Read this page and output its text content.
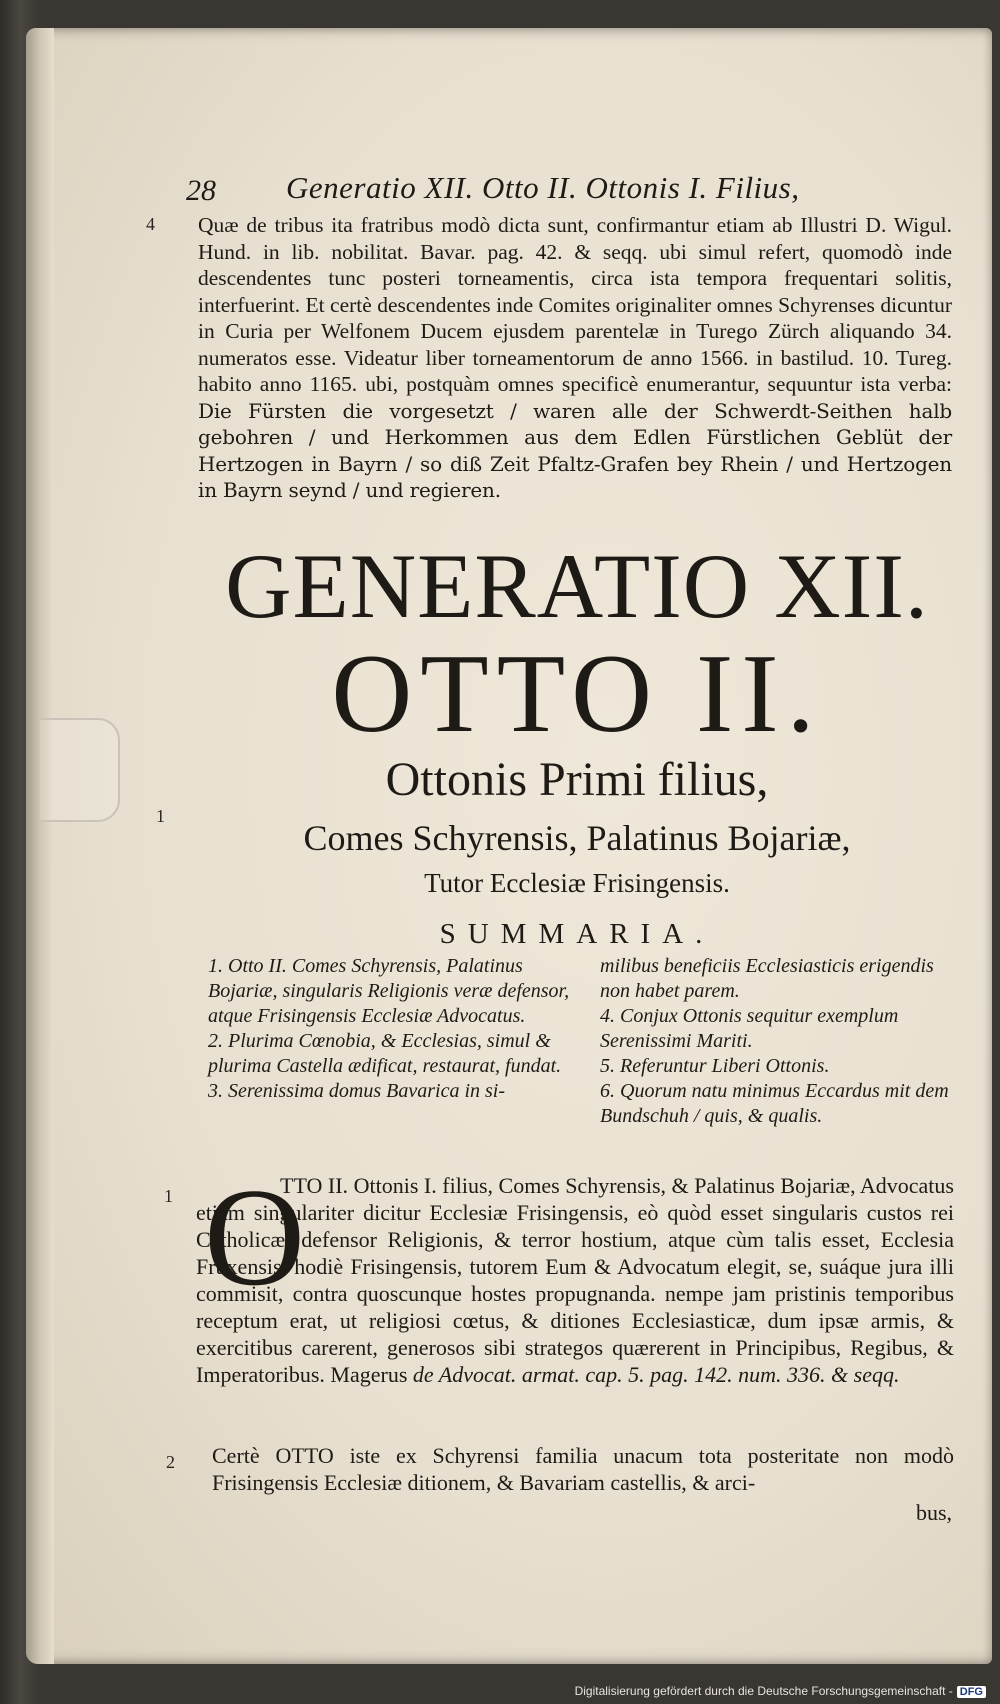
28 Generatio XII. Otto II. Ottonis I. Filius,
4
1
1
2
Quæ de tribus ita fratribus modò dicta sunt, confirmantur etiam ab Illustri D. Wigul. Hund. in lib. nobilitat. Bavar. pag. 42. & seqq. ubi simul refert, quomodò inde descendentes tunc posteri torneamentis, circa ista tempora frequentari solitis, interfuerint. Et certè descendentes inde Comites originaliter omnes Schyrenses dicuntur in Curia per Welfonem Ducem ejusdem parentelæ in Turego Zürch aliquando 34. numeratos esse. Videatur liber torneamentorum de anno 1566. in bastilud. 10. Tureg. habito anno 1165. ubi, postquàm omnes specificè enumerantur, sequuntur ista verba: Die Fürsten die vorgesetzt / waren alle der Schwerdt-Seithen halb gebohren / und Herkommen aus dem Edlen Fürstlichen Geblüt der Hertzogen in Bayrn / so diß Zeit Pfaltz-Grafen bey Rhein / und Hertzogen in Bayrn seynd / und regieren.
GENERATIO XII.
OTTO II.
Ottonis Primi filius,
Comes Schyrensis, Palatinus Bojariæ,
Tutor Ecclesiæ Frisingensis.
SUMMARIA.

1. Otto II. Comes Schyrensis, Palatinus Bojariæ, singularis Religionis veræ defensor, atque Frisingensis Ecclesiæ Advocatus.

2. Plurima Cœnobia, & Ecclesias, simul & plurima Castella ædificat, restaurat, fundat.

3. Serenissima domus Bavarica in si-

milibus beneficiis Ecclesiasticis erigendis non habet parem.

4. Conjux Ottonis sequitur exemplum Serenissimi Mariti.

5. Referuntur Liberi Ottonis.

6. Quorum natu minimus Eccardus mit dem Bundschuh / quis, & qualis.

O
TTO II. Ottonis I. filius, Comes Schyrensis, & Palatinus Bojariæ, Advocatus etiam singulariter dicitur Ecclesiæ Frisingensis, eò quòd esset singularis custos rei Catholicæ, defensor Religionis, & terror hostium, atque cùm talis esset, Ecclesia Fruxensis, hodiè Frisingensis, tutorem Eum & Advocatum elegit, se, suáque jura illi commisit, contra quoscunque hostes propugnanda. nempe jam pristinis temporibus receptum erat, ut religiosi cœtus, & ditiones Ecclesiasticæ, dum ipsæ armis, & exercitibus carerent, generosos sibi strategos quærerent in Principibus, Regibus, & Imperatoribus. Magerus de Advocat. armat. cap. 5. pag. 142. num. 336. & seqq.
Certè OTTO iste ex Schyrensi familia unacum tota posteritate non modò Frisingensis Ecclesiæ ditionem, & Bavariam castellis, & arci-
bus,
Digitalisierung gefördert durch die Deutsche Forschungsgemeinschaft - DFG
